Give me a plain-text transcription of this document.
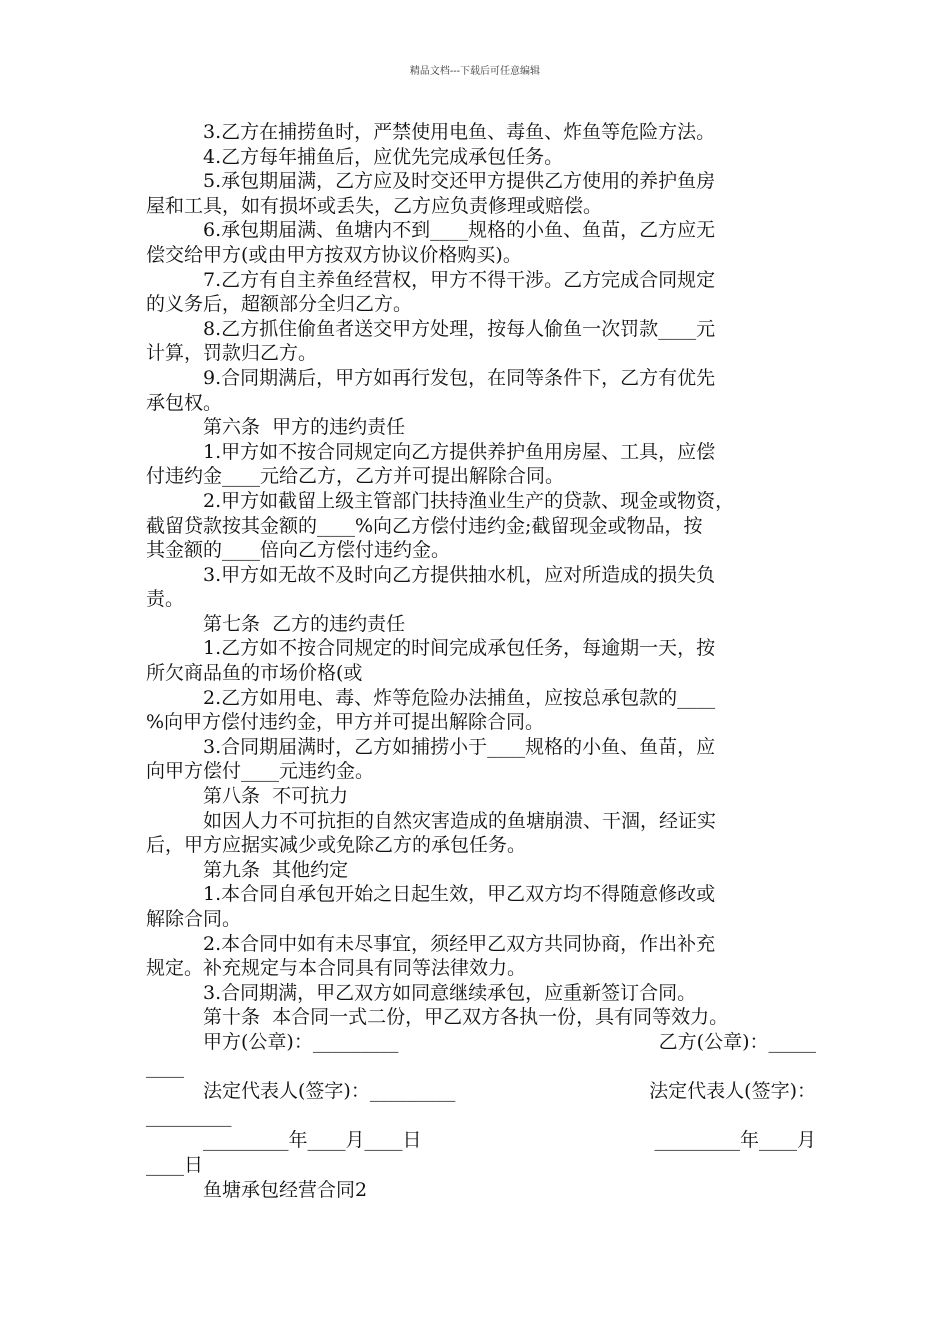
精品文档---下载后可任意编辑

3.乙方在捕捞鱼时，严禁使用电鱼、毒鱼、炸鱼等危险方法。

4.乙方每年捕鱼后，应优先完成承包任务。

5.承包期届满，乙方应及时交还甲方提供乙方使用的养护鱼房

屋和工具，如有损坏或丢失，乙方应负责修理或赔偿。

6.承包期届满、鱼塘内不到____规格的小鱼、鱼苗，乙方应无

偿交给甲方(或由甲方按双方协议价格购买)。

7.乙方有自主养鱼经营权，甲方不得干涉。乙方完成合同规定

的义务后，超额部分全归乙方。

8.乙方抓住偷鱼者送交甲方处理，按每人偷鱼一次罚款____元

计算，罚款归乙方。

9.合同期满后，甲方如再行发包，在同等条件下，乙方有优先

承包权。

第六条  甲方的违约责任

1.甲方如不按合同规定向乙方提供养护鱼用房屋、工具，应偿

付违约金____元给乙方，乙方并可提出解除合同。

2.甲方如截留上级主管部门扶持渔业生产的贷款、现金或物资，

截留贷款按其金额的____%向乙方偿付违约金;截留现金或物品，按

其金额的____倍向乙方偿付违约金。

3.甲方如无故不及时向乙方提供抽水机，应对所造成的损失负

责。

第七条  乙方的违约责任

1.乙方如不按合同规定的时间完成承包任务，每逾期一天，按

所欠商品鱼的市场价格(或

2.乙方如用电、毒、炸等危险办法捕鱼，应按总承包款的____

%向甲方偿付违约金，甲方并可提出解除合同。

3.合同期届满时，乙方如捕捞小于____规格的小鱼、鱼苗，应

向甲方偿付____元违约金。

第八条  不可抗力

如因人力不可抗拒的自然灾害造成的鱼塘崩溃、干涸，经证实

后，甲方应据实减少或免除乙方的承包任务。

第九条  其他约定

1.本合同自承包开始之日起生效，甲乙双方均不得随意修改或

解除合同。

2.本合同中如有未尽事宜，须经甲乙双方共同协商，作出补充

规定。补充规定与本合同具有同等法律效力。

3.合同期满，甲乙双方如同意继续承包，应重新签订合同。

第十条  本合同一式二份，甲乙双方各执一份，具有同等效力。

甲方(公章)：_________	乙方(公章)：_____

____

法定代表人(签字)：_________	法定代表人(签字)：

_________

_________年____月____日	_________年____月

____日

鱼塘承包经营合同2
